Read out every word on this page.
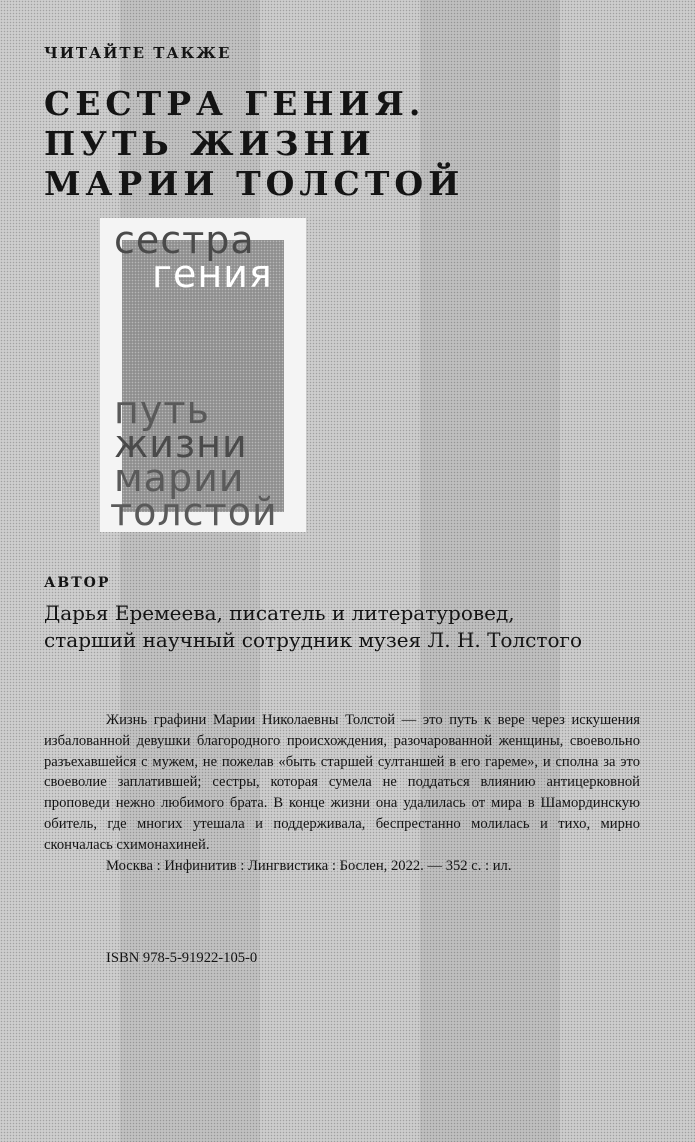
ЧИТАЙТЕ ТАКЖЕ
СЕСТРА ГЕНИЯ.
ПУТЬ ЖИЗНИ
МАРИИ ТОЛСТОЙ
сестра
гения
путь
жизни
марии
толстой
АВТОР
Дарья Еремеева, писатель и литературовед,
старший научный сотрудник музея Л. Н. Толстого

Жизнь графини Марии Николаевны Толстой — это путь к вере через искушения избалованной девушки благородного происхождения, разочарованной женщины, своевольно разъехавшейся с мужем, не пожелав «быть старшей султаншей в его гареме», и сполна за это своеволие заплатившей; сестры, которая сумела не поддаться влиянию антицерковной проповеди нежно любимого брата. В конце жизни она удалилась от мира в Шамординскую обитель, где многих утешала и поддерживала, беспрестанно молилась и тихо, мирно скончалась схимонахиней.

Москва : Инфинитив : Лингвистика : Бослен, 2022. — 352 с. : ил.

ISBN 978-5-91922-105-0
